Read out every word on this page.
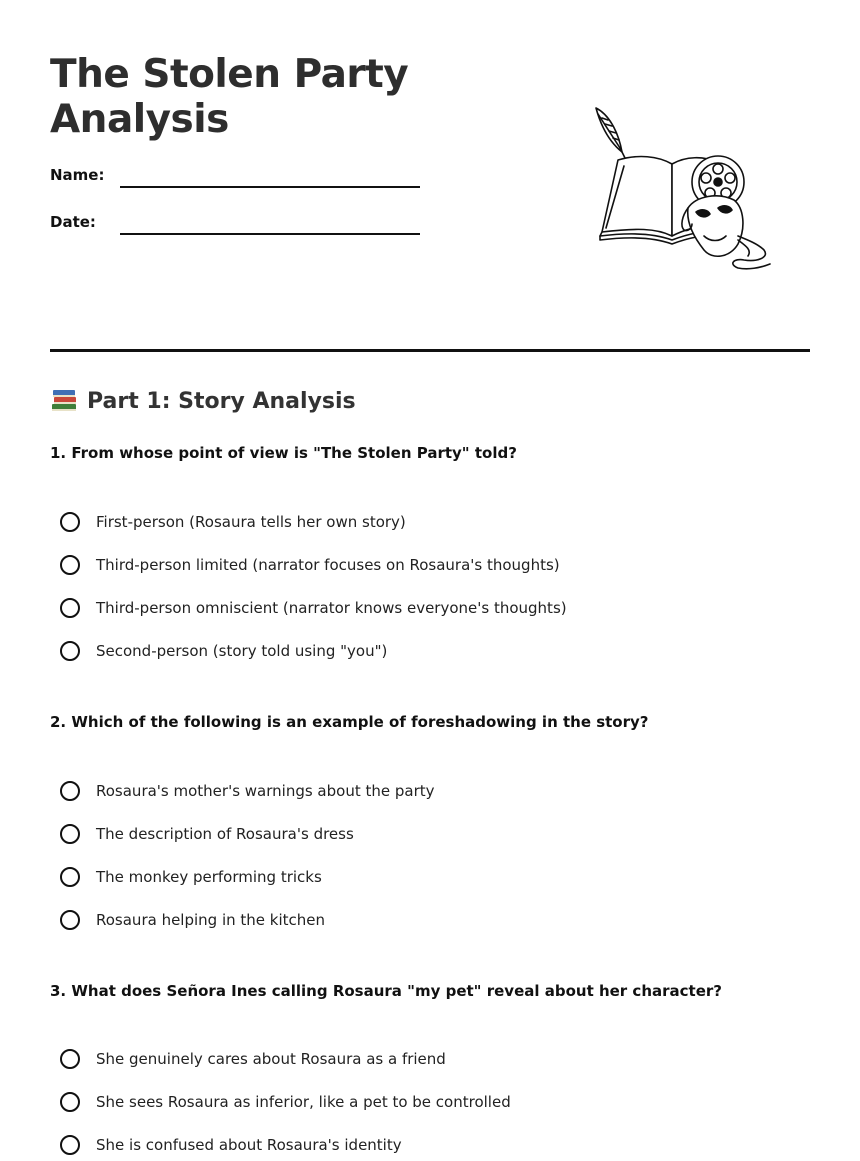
The Stolen Party Analysis
Name:
Date:
Part 1: Story Analysis

1. From whose point of view is "The Stolen Party" told?

First-person (Rosaura tells her own story)
Third-person limited (narrator focuses on Rosaura's thoughts)
Third-person omniscient (narrator knows everyone's thoughts)
Second-person (story told using "you")

2. Which of the following is an example of foreshadowing in the story?

Rosaura's mother's warnings about the party
The description of Rosaura's dress
The monkey performing tricks
Rosaura helping in the kitchen

3. What does Señora Ines calling Rosaura "my pet" reveal about her character?

She genuinely cares about Rosaura as a friend
She sees Rosaura as inferior, like a pet to be controlled
She is confused about Rosaura's identity
